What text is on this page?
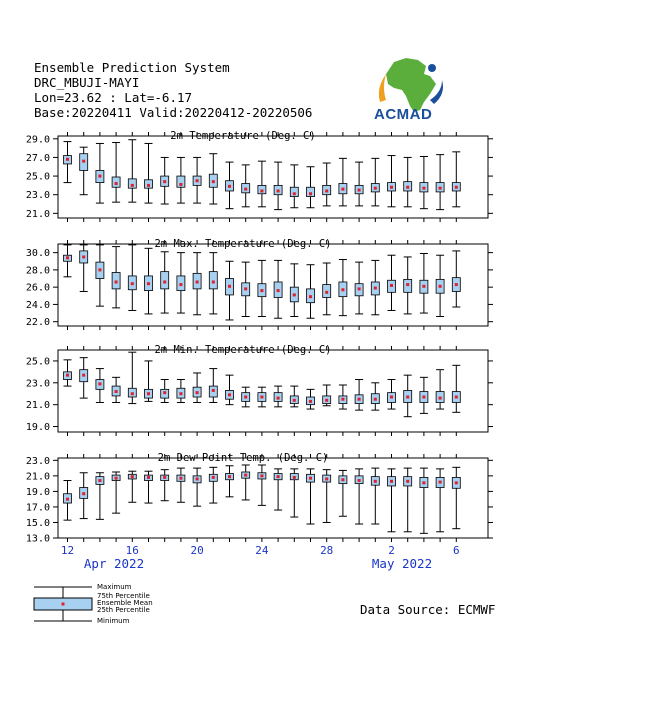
Ensemble Prediction System
DRC_MBUJI-MAYI
Lon=23.62 : Lat=-6.17
Base:20220411 Valid:20220412-20220506	ACMAD
2m Temperature (Deg. C)
29.0
27.0
25.0
23.0
21.0
2m Max. Temperature (Deg. C)
30.0
28.0
26.0
24.0
22.0
2m Min. Temperature (Deg. C)
25.0
23.0
21.0
19.0
2m Dew Point Temp. (Deg. C)
23.0
21.0
19.0
17.0
15.0
13.0
12	16	20	24	28	2	6
Apr 2022	May 2022
Maximum
75th Percentile
Ensemble Mean
25th Percentile
Minimum
Data Source: ECMWF
